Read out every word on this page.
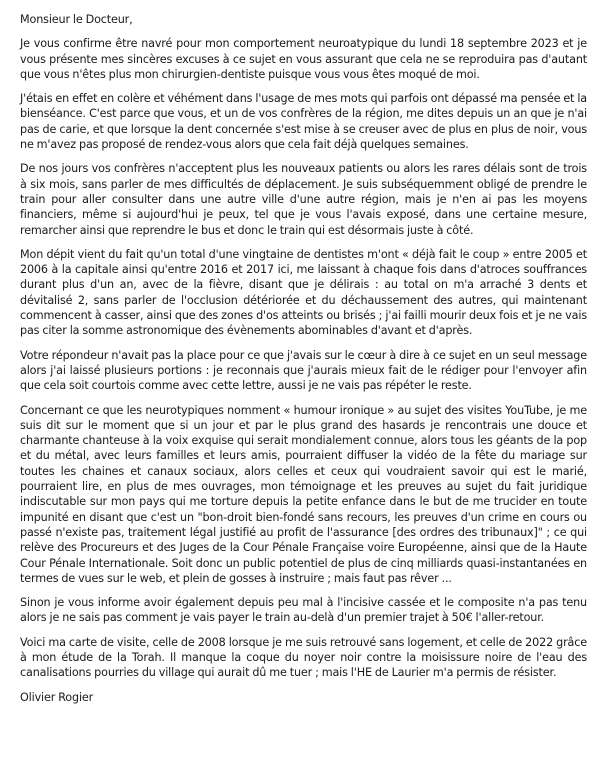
Monsieur le Docteur,

Je vous confirme être navré pour mon comportement neuroatypique du lundi 18 septembre 2023 et je vous présente mes sincères excuses à ce sujet en vous assurant que cela ne se reproduira pas d'autant que vous n'êtes plus mon chirurgien-dentiste puisque vous vous êtes moqué de moi.

J'étais en effet en colère et véhément dans l'usage de mes mots qui parfois ont dépassé ma pensée et la bienséance. C'est parce que vous, et un de vos confrères de la région, me dites depuis un an que je n'ai pas de carie, et que lorsque la dent concernée s'est mise à se creuser avec de plus en plus de noir, vous ne m'avez pas proposé de rendez-vous alors que cela fait déjà quelques semaines.

De nos jours vos confrères n'acceptent plus les nouveaux patients ou alors les rares délais sont de trois à six mois, sans parler de mes difficultés de déplacement. Je suis subséquemment obligé de prendre le train pour aller consulter dans une autre ville d'une autre région, mais je n'en ai pas les moyens financiers, même si aujourd'hui je peux, tel que je vous l'avais exposé, dans une certaine mesure, remarcher ainsi que reprendre le bus et donc le train qui est désormais juste à côté.

Mon dépit vient du fait qu'un total d'une vingtaine de dentistes m'ont « déjà fait le coup » entre 2005 et 2006 à la capitale ainsi qu'entre 2016 et 2017 ici, me laissant à chaque fois dans d'atroces souffrances durant plus d'un an, avec de la fièvre, disant que je délirais : au total on m'a arraché 3 dents et dévitalisé 2, sans parler de l'occlusion détériorée et du déchaussement des autres, qui maintenant commencent à casser, ainsi que des zones d'os atteints ou brisés ; j'ai failli mourir deux fois et je ne vais pas citer la somme astronomique des évènements abominables d'avant et d'après.

Votre répondeur n'avait pas la place pour ce que j'avais sur le cœur à dire à ce sujet en un seul message alors j'ai laissé plusieurs portions : je reconnais que j'aurais mieux fait de le rédiger pour l'envoyer afin que cela soit courtois comme avec cette lettre, aussi je ne vais pas répéter le reste.

Concernant ce que les neurotypiques nomment « humour ironique » au sujet des visites YouTube, je me suis dit sur le moment que si un jour et par le plus grand des hasards je rencontrais une douce et charmante chanteuse à la voix exquise qui serait mondialement connue, alors tous les géants de la pop et du métal, avec leurs familles et leurs amis, pourraient diffuser la vidéo de la fête du mariage sur toutes les chaines et canaux sociaux, alors celles et ceux qui voudraient savoir qui est le marié, pourraient lire, en plus de mes ouvrages, mon témoignage et les preuves au sujet du fait juridique indiscutable sur mon pays qui me torture depuis la petite enfance dans le but de me trucider en toute impunité en disant que c'est un "bon-droit bien-fondé sans recours, les preuves d'un crime en cours ou passé n'existe pas, traitement légal justifié au profit de l'assurance [des ordres des tribunaux]" ; ce qui relève des Procureurs et des Juges de la Cour Pénale Française voire Européenne, ainsi que de la Haute Cour Pénale Internationale. Soit donc un public potentiel de plus de cinq milliards quasi-instantanées en termes de vues sur le web, et plein de gosses à instruire ; mais faut pas rêver ...

Sinon je vous informe avoir également depuis peu mal à l'incisive cassée et le composite n'a pas tenu alors je ne sais pas comment je vais payer le train au-delà d'un premier trajet à 50€ l'aller-retour.

Voici ma carte de visite, celle de 2008 lorsque je me suis retrouvé sans logement, et celle de 2022 grâce à mon étude de la Torah. Il manque la coque du noyer noir contre la moisissure noire de l'eau des canalisations pourries du village qui aurait dû me tuer ; mais l'HE de Laurier m'a permis de résister.

Olivier Rogier
